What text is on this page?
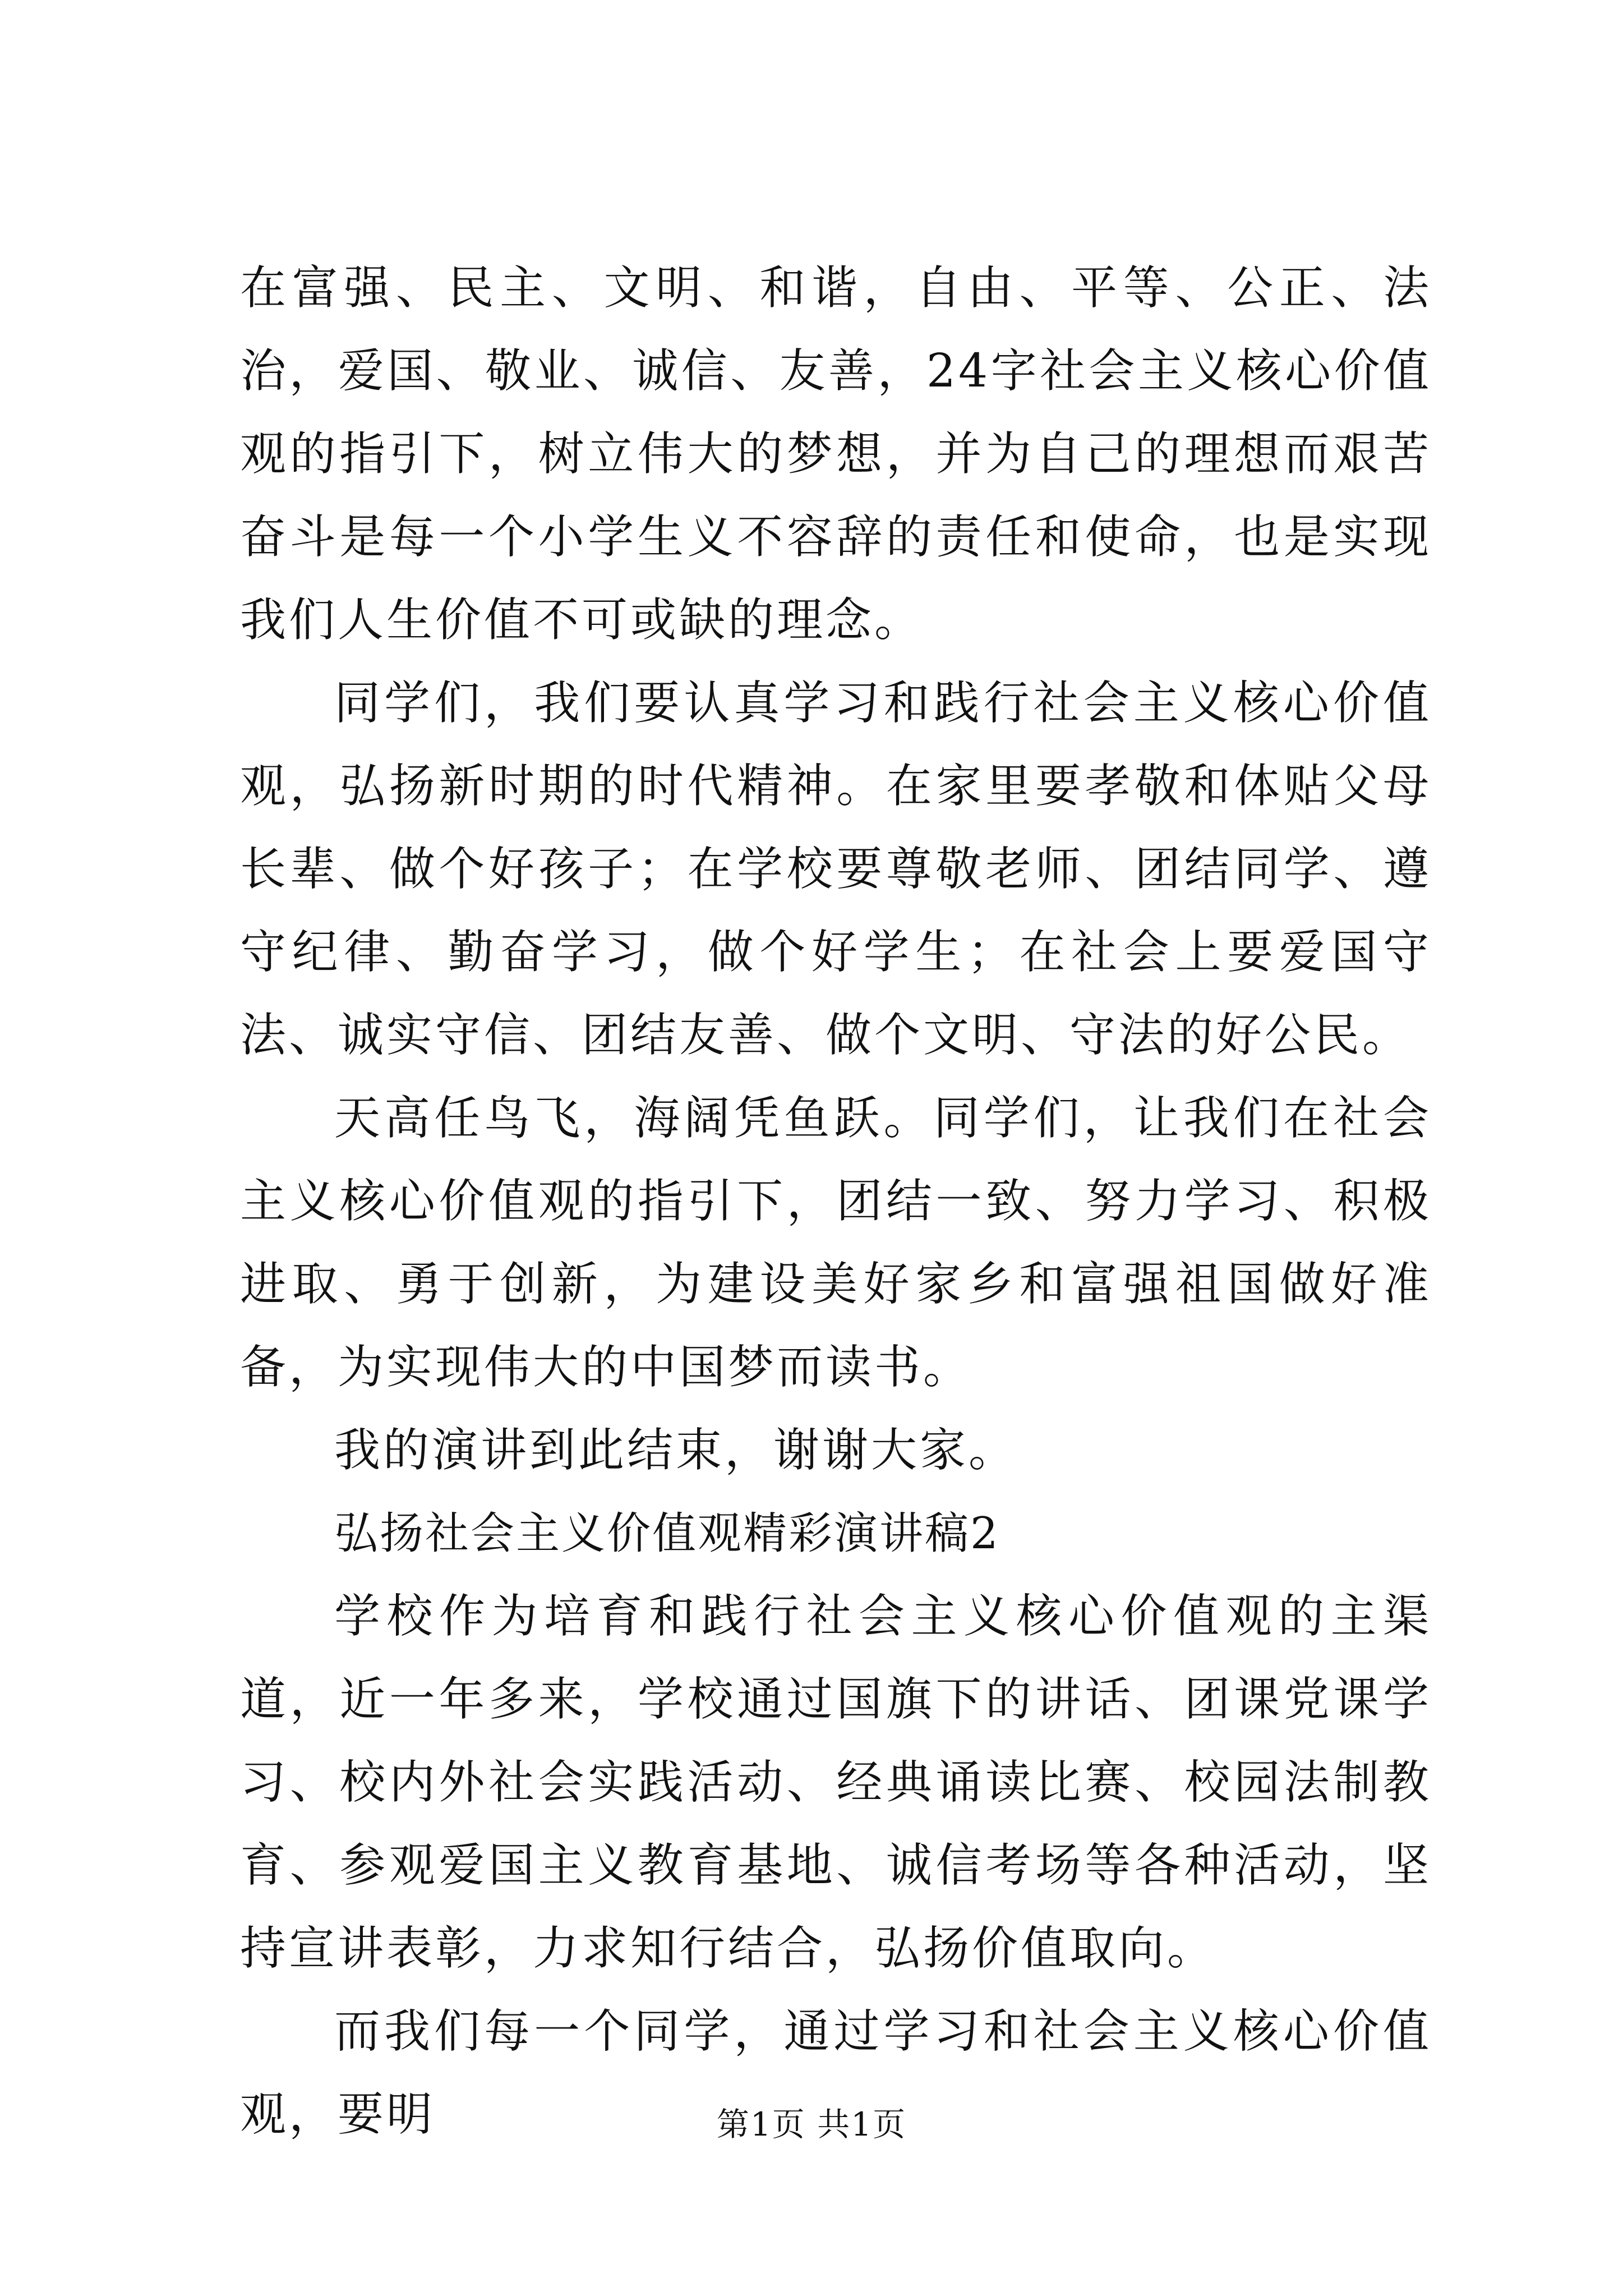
在富强、民主、文明、和谐，自由、平等、公正、法治，爱国、敬业、诚信、友善，24字社会主义核心价值观的指引下，树立伟大的梦想，并为自己的理想而艰苦奋斗是每一个小学生义不容辞的责任和使命，也是实现我们人生价值不可或缺的理念。

同学们，我们要认真学习和践行社会主义核心价值观，弘扬新时期的时代精神。在家里要孝敬和体贴父母长辈、做个好孩子；在学校要尊敬老师、团结同学、遵守纪律、勤奋学习，做个好学生；在社会上要爱国守法、诚实守信、团结友善、做个文明、守法的好公民。

天高任鸟飞，海阔凭鱼跃。同学们，让我们在社会主义核心价值观的指引下，团结一致、努力学习、积极进取、勇于创新，为建设美好家乡和富强祖国做好准备，为实现伟大的中国梦而读书。

我的演讲到此结束，谢谢大家。

弘扬社会主义价值观精彩演讲稿2

学校作为培育和践行社会主义核心价值观的主渠道，近一年多来，学校通过国旗下的讲话、团课党课学习、校内外社会实践活动、经典诵读比赛、校园法制教育、参观爱国主义教育基地、诚信考场等各种活动，坚持宣讲表彰，力求知行结合，弘扬价值取向。

而我们每一个同学，通过学习和社会主义核心价值观，要明	第1页 共1页
